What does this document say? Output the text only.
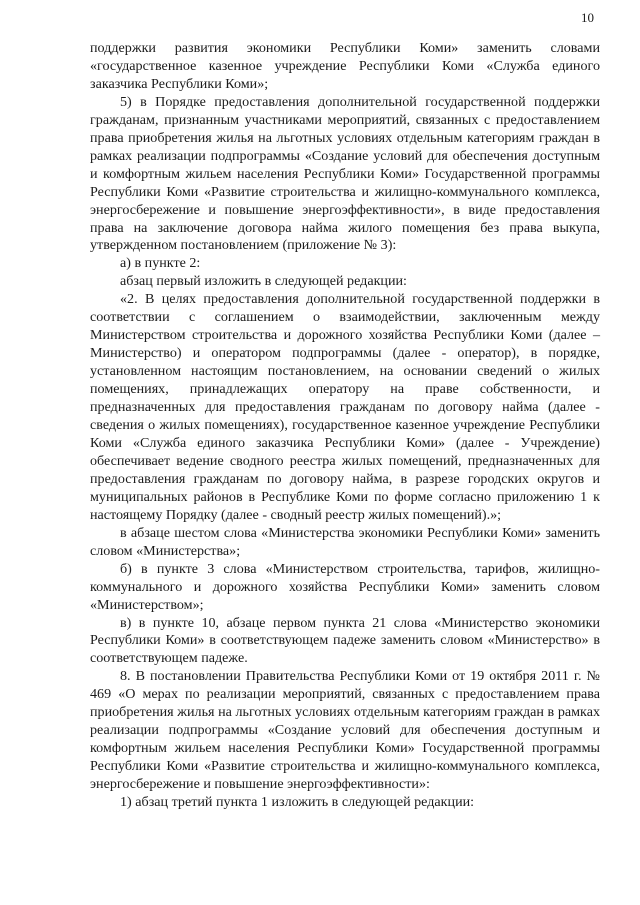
10

поддержки развития экономики Республики Коми» заменить словами «государственное казенное учреждение Республики Коми «Служба единого заказчика Республики Коми»;

5) в Порядке предоставления дополнительной государственной поддержки гражданам, признанным участниками мероприятий, связанных с предоставлением права приобретения жилья на льготных условиях отдельным категориям граждан в рамках реализации подпрограммы «Создание условий для обеспечения доступным и комфортным жильем населения Республики Коми» Государственной программы Республики Коми «Развитие строительства и жилищно-коммунального комплекса, энергосбережение и повышение энергоэффективности», в виде предоставления права на заключение договора найма жилого помещения без права выкупа, утвержденном постановлением (приложение № 3):

а) в пункте 2:

абзац первый изложить в следующей редакции:

«2. В целях предоставления дополнительной государственной поддержки в соответствии с соглашением о взаимодействии, заключенным между Министерством строительства и дорожного хозяйства Республики Коми (далее – Министерство) и оператором подпрограммы (далее - оператор), в порядке, установленном настоящим постановлением, на основании сведений о жилых помещениях, принадлежащих оператору на праве собственности, и предназначенных для предоставления гражданам по договору найма (далее - сведения о жилых помещениях), государственное казенное учреждение Республики Коми «Служба единого заказчика Республики Коми» (далее - Учреждение) обеспечивает ведение сводного реестра жилых помещений, предназначенных для предоставления гражданам по договору найма, в разрезе городских округов и муниципальных районов в Республике Коми по форме согласно приложению 1 к настоящему Порядку (далее - сводный реестр жилых помещений).»;

в абзаце шестом слова «Министерства экономики Республики Коми» заменить словом «Министерства»;

б) в пункте 3 слова «Министерством строительства, тарифов, жилищно-коммунального и дорожного хозяйства Республики Коми» заменить словом «Министерством»;

в) в пункте 10, абзаце первом пункта 21 слова «Министерство экономики Республики Коми» в соответствующем падеже заменить словом «Министерство» в соответствующем падеже.

8. В постановлении Правительства Республики Коми от 19 октября 2011 г. № 469 «О мерах по реализации мероприятий, связанных с предоставлением права приобретения жилья на льготных условиях отдельным категориям граждан в рамках реализации подпрограммы «Создание условий для обеспечения доступным и комфортным жильем населения Республики Коми» Государственной программы Республики Коми «Развитие строительства и жилищно-коммунального комплекса, энергосбережение и повышение энергоэффективности»:

1) абзац третий пункта 1 изложить в следующей редакции:
